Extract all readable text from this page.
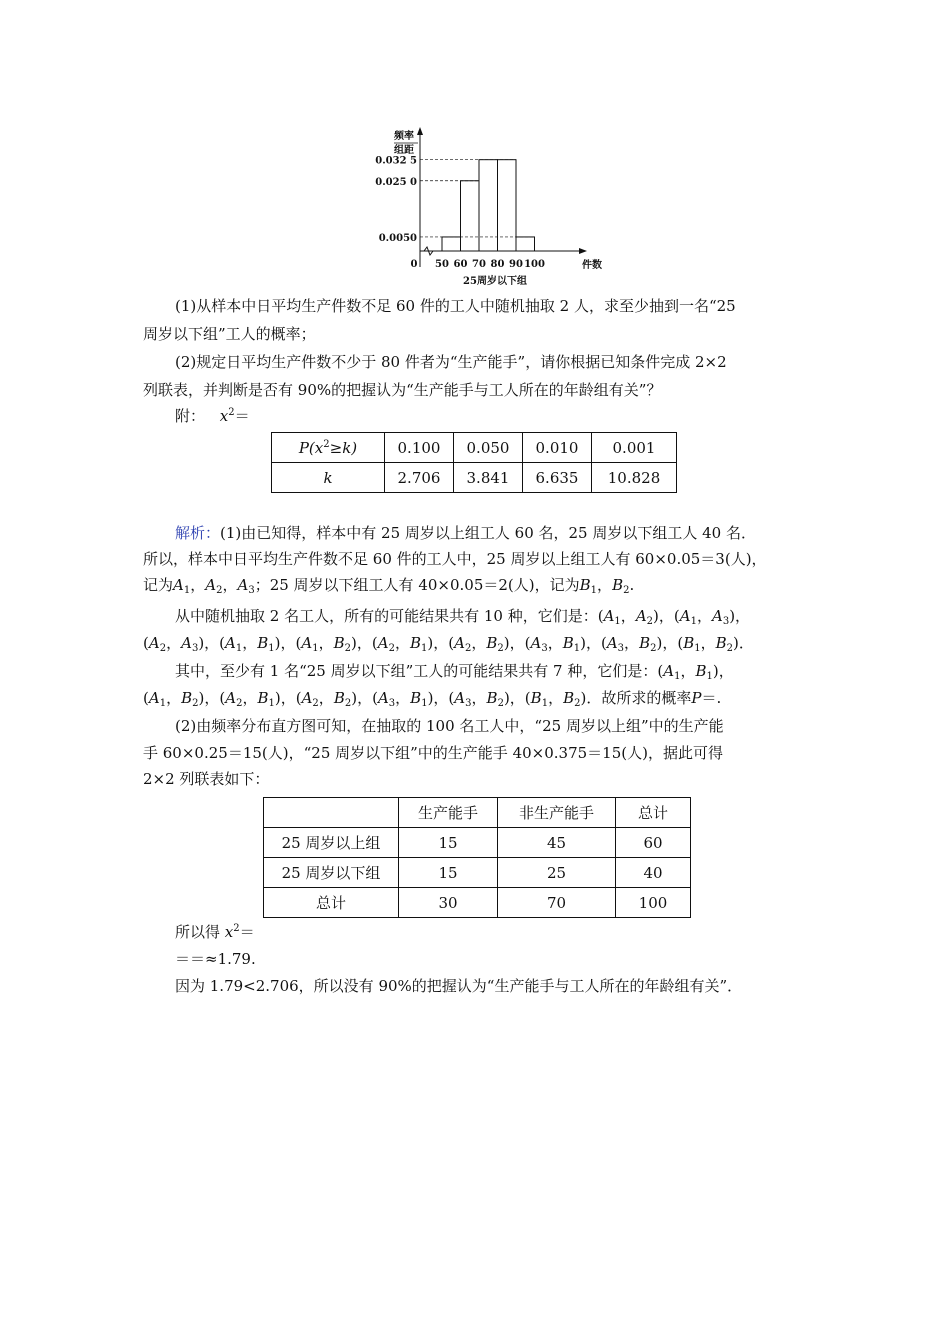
频率
组距
0 50 60 70 80 90 100
0.0050
0.025 0
0.032 5
件数
25周岁以下组
(1)从样本中日平均生产件数不足 60 件的工人中随机抽取 2 人，求至少抽到一名“25
周岁以下组”工人的概率；
(2)规定日平均生产件数不少于 80 件者为“生产能手”，请你根据已知条件完成 2×2
列联表，并判断是否有 90%的把握认为“生产能手与工人所在的年龄组有关”？
附： $x^2=$
$P(x^2\ge k)$	0.100	0.050	0.010	0.001
k	2.706	3.841	6.635	10.828
解析：(1)由已知得，样本中有 25 周岁以上组工人 60 名，25 周岁以下组工人 40 名．
所以，样本中日平均生产件数不足 60 件的工人中，25 周岁以上组工人有 60×0.05＝3(人)，
记为$A_1$，$A_2$，$A_3$；25 周岁以下组工人有 40×0.05＝2(人)，记为$B_1$，$B_2$.
从中随机抽取 2 名工人，所有的可能结果共有 10 种，它们是：($A_1$，$A_2$)，($A_1$，$A_3$)，
($A_2$，$A_3$)，($A_1$，$B_1$)，($A_1$，$B_2$)，($A_2$，$B_1$)，($A_2$，$B_2$)，($A_3$，$B_1$)，($A_3$，$B_2$)，($B_1$，$B_2$)．
其中，至少有 1 名“25 周岁以下组”工人的可能结果共有 7 种，它们是：($A_1$，$B_1$)，
($A_1$，$B_2$)，($A_2$，$B_1$)，($A_2$，$B_2$)，($A_3$，$B_1$)，($A_3$，$B_2$)，($B_1$，$B_2$)．故所求的概率P＝.
(2)由频率分布直方图可知，在抽取的 100 名工人中，“25 周岁以上组”中的生产能
手 60×0.25＝15(人)，“25 周岁以下组”中的生产能手 40×0.375＝15(人)，据此可得
2×2 列联表如下：
	生产能手	非生产能手	总计
25 周岁以上组	15	45	60
25 周岁以下组	15	25	40
总计	30	70	100
所以得 $x^2=$
＝＝≈1.79.
因为 1.79<2.706，所以没有 90%的把握认为“生产能手与工人所在的年龄组有关”．
